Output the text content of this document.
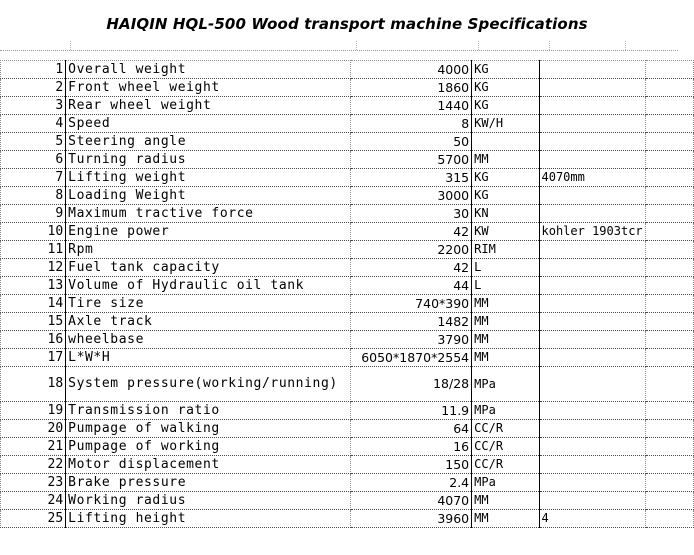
HAIQIN HQL-500 Wood transport machine Specifications
1	Overall weight	4000	KG		
2	Front wheel weight	1860	KG		
3	Rear wheel weight	1440	KG		
4	Speed	8	KW/H		
5	Steering angle	50			
6	Turning radius	5700	MM		
7	Lifting weight	315	KG	4070mm	
8	Loading Weight	3000	KG		
9	Maximum tractive force	30	KN		
10	Engine power	42	KW	kohler 1903tcr	
11	Rpm	2200	RIM		
12	Fuel tank capacity	42	L		
13	Volume of Hydraulic oil tank	44	L		
14	Tire size	740*390	MM		
15	Axle track	1482	MM		
16	wheelbase	3790	MM		
17	L*W*H	6050*1870*2554	MM		
18	System pressure(working/running)	18/28	MPa		
19	Transmission ratio	11.9	MPa		
20	Pumpage of walking	64	CC/R		
21	Pumpage of working	16	CC/R		
22	Motor displacement	150	CC/R		
23	Brake pressure	2.4	MPa		
24	Working radius	4070	MM		
25	Lifting height	3960	MM	4	
